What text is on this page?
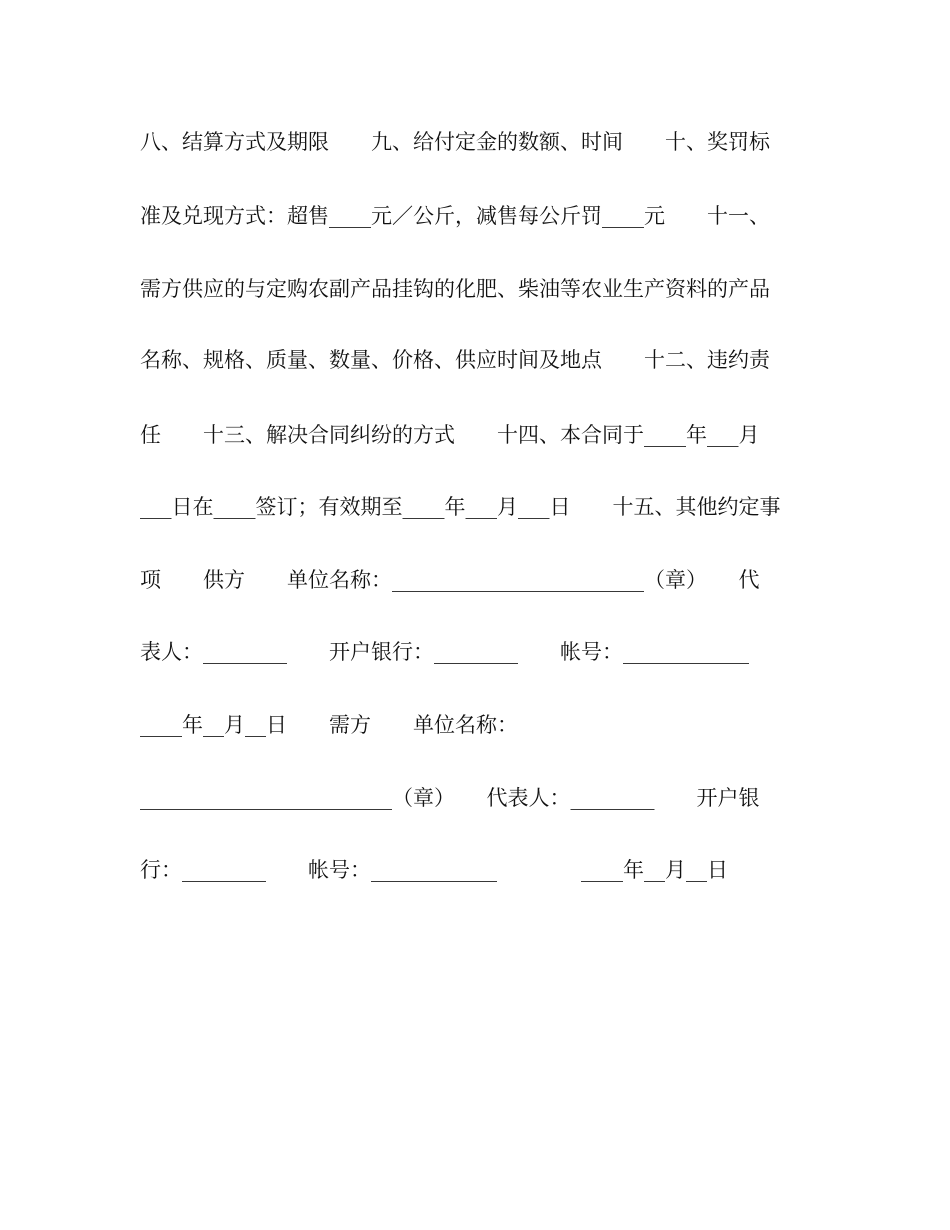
八、结算方式及期限　　九、给付定金的数额、时间　　十、奖罚标
准及兑现方式：超售____元／公斤，减售每公斤罚____元　　十一、
需方供应的与定购农副产品挂钩的化肥、柴油等农业生产资料的产品
名称、规格、质量、数量、价格、供应时间及地点　　十二、违约责
任　　十三、解决合同纠纷的方式　　十四、本合同于____年___月
___日在____签订；有效期至____年___月___日　　十五、其他约定事
项　　供方　　单位名称：________________________（章）　　代
表人：________　　开户银行：________　　帐号：____________
____年__月__日　　需方　　单位名称：
________________________（章）　　代表人：________　　开户银
行：________　　帐号：____________　　　　____年__月__日
